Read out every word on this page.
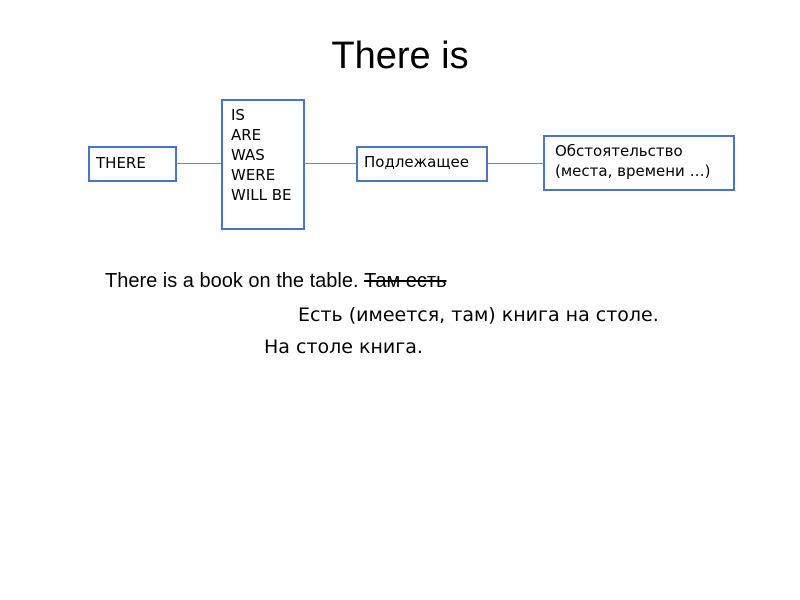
There is
THERE
IS
ARE
WAS
WERE
WILL BE
Подлежащее
Обстоятельство (места, времени …)
There is a book on the table. Там есть
Есть (имеется, там) книга на столе.
На столе книга.
